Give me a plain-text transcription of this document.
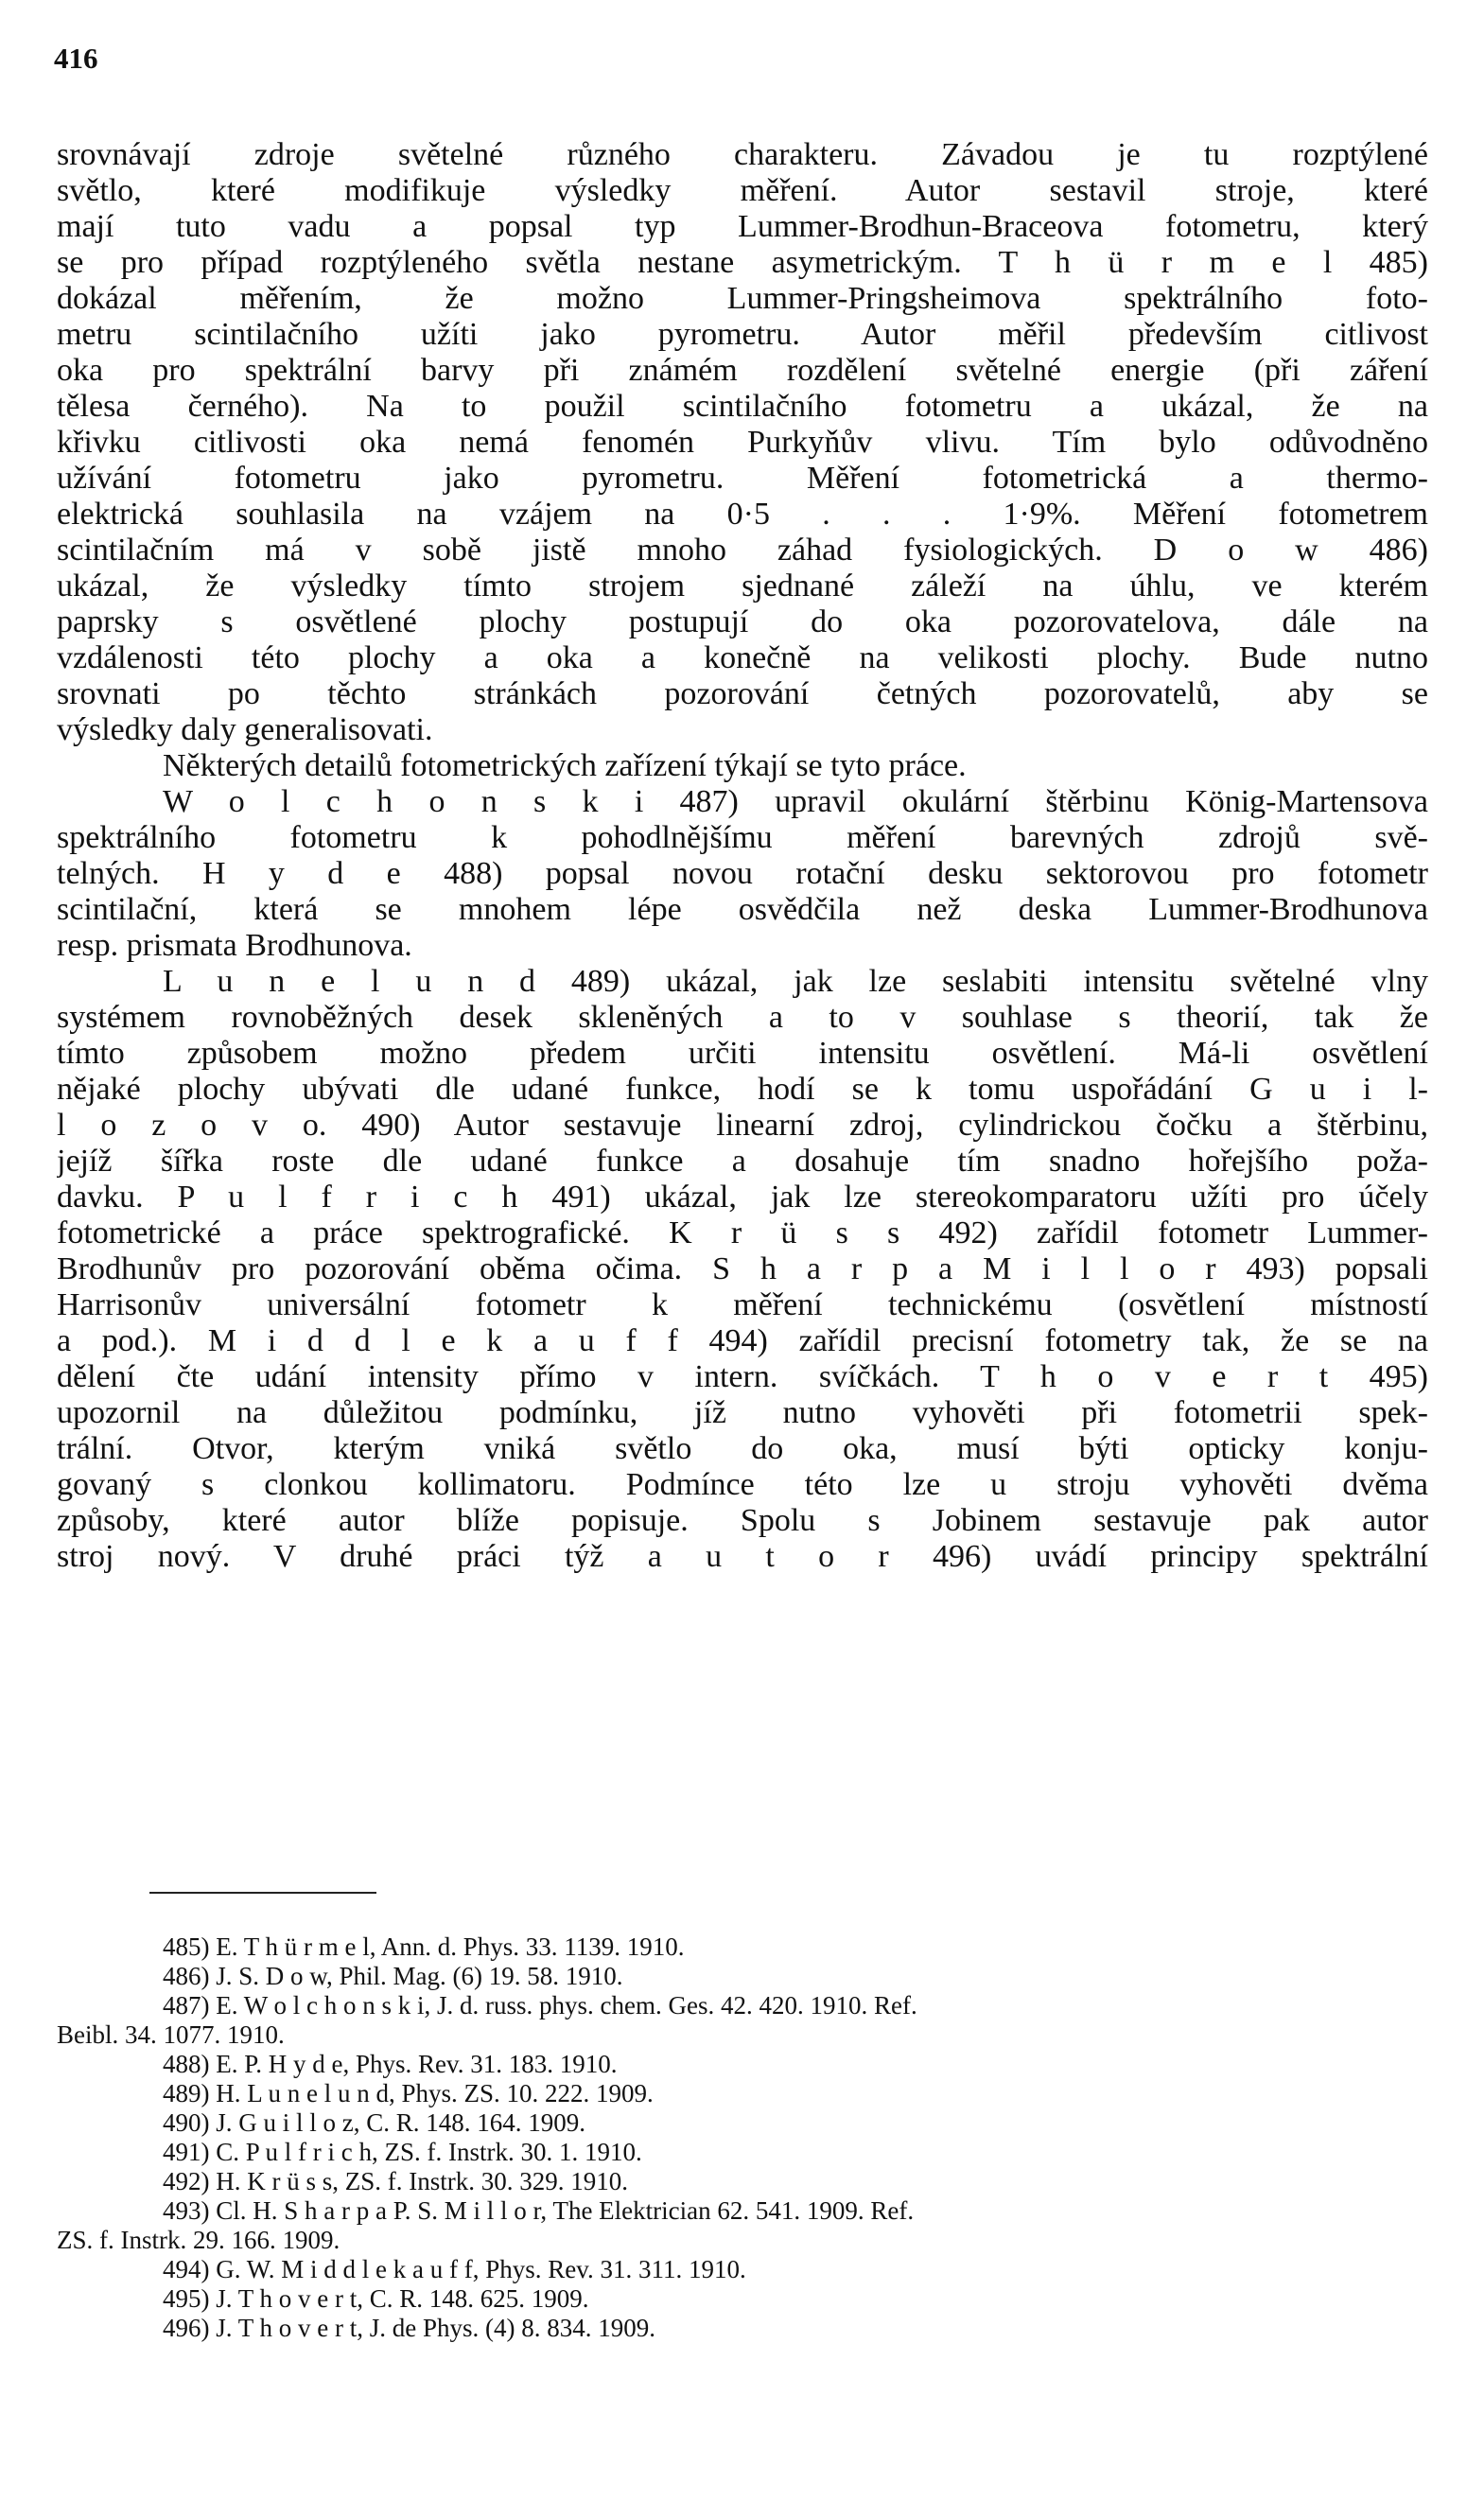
416
srovnávají zdroje světelné různého charakteru. Závadou je tu rozptýlené
světlo, které modifikuje výsledky měření. Autor sestavil stroje, které
mají tuto vadu a popsal typ Lummer-Brodhun-Braceova fotometru, který
se pro případ rozptýleného světla nestane asymetrickým. T h ü r m e l 485)
dokázal měřením, že možno Lummer-Pringsheimova spektrálního foto-
metru scintilačního užíti jako pyrometru. Autor měřil především citlivost
oka pro spektrální barvy při známém rozdělení světelné energie (při záření
tělesa černého). Na to použil scintilačního fotometru a ukázal, že na
křivku citlivosti oka nemá fenomén Purkyňův vlivu. Tím bylo odůvodněno
užívání fotometru jako pyrometru. Měření fotometrická a thermo-
elektrická souhlasila na vzájem na 0·5 . . . 1·9%. Měření fotometrem
scintilačním má v sobě jistě mnoho záhad fysiologických. D o w 486)
ukázal, že výsledky tímto strojem sjednané záleží na úhlu, ve kterém
paprsky s osvětlené plochy postupují do oka pozorovatelova, dále na
vzdálenosti této plochy a oka a konečně na velikosti plochy. Bude nutno
srovnati po těchto stránkách pozorování četných pozorovatelů, aby se
výsledky daly generalisovati.
Některých detailů fotometrických zařízení týkají se tyto práce.
W o l c h o n s k i 487) upravil okulární štěrbinu König-Martensova
spektrálního fotometru k pohodlnějšímu měření barevných zdrojů svě-
telných. H y d e 488) popsal novou rotační desku sektorovou pro fotometr
scintilační, která se mnohem lépe osvědčila než deska Lummer-Brodhunova
resp. prismata Brodhunova.
L u n e l u n d 489) ukázal, jak lze seslabiti intensitu světelné vlny
systémem rovnoběžných desek skleněných a to v souhlase s theorií, tak že
tímto způsobem možno předem určiti intensitu osvětlení. Má-li osvětlení
nějaké plochy ubývati dle udané funkce, hodí se k tomu uspořádání G u i l-
l o z o v o. 490) Autor sestavuje linearní zdroj, cylindrickou čočku a štěrbinu,
jejíž šířka roste dle udané funkce a dosahuje tím snadno hořejšího poža-
davku. P u l f r i c h 491) ukázal, jak lze stereokomparatoru užíti pro účely
fotometrické a práce spektrografické. K r ü s s 492) zařídil fotometr Lummer-
Brodhunův pro pozorování oběma očima. S h a r p a M i l l o r 493) popsali
Harrisonův universální fotometr k měření technickému (osvětlení místností
a pod.). M i d d l e k a u f f 494) zařídil precisní fotometry tak, že se na
dělení čte udání intensity přímo v intern. svíčkách. T h o v e r t 495)
upozornil na důležitou podmínku, jíž nutno vyhověti při fotometrii spek-
trální. Otvor, kterým vniká světlo do oka, musí býti opticky konju-
govaný s clonkou kollimatoru. Podmínce této lze u stroju vyhověti dvěma
způsoby, které autor blíže popisuje. Spolu s Jobinem sestavuje pak autor
stroj nový. V druhé práci týž a u t o r 496) uvádí principy spektrální
485) E. T h ü r m e l, Ann. d. Phys. 33. 1139. 1910.
486) J. S. D o w, Phil. Mag. (6) 19. 58. 1910.
487) E. W o l c h o n s k i, J. d. russ. phys. chem. Ges. 42. 420. 1910. Ref.
Beibl. 34. 1077. 1910.
488) E. P. H y d e, Phys. Rev. 31. 183. 1910.
489) H. L u n e l u n d, Phys. ZS. 10. 222. 1909.
490) J. G u i l l o z, C. R. 148. 164. 1909.
491) C. P u l f r i c h, ZS. f. Instrk. 30. 1. 1910.
492) H. K r ü s s, ZS. f. Instrk. 30. 329. 1910.
493) Cl. H. S h a r p a P. S. M i l l o r, The Elektrician 62. 541. 1909. Ref.
ZS. f. Instrk. 29. 166. 1909.
494) G. W. M i d d l e k a u f f, Phys. Rev. 31. 311. 1910.
495) J. T h o v e r t, C. R. 148. 625. 1909.
496) J. T h o v e r t, J. de Phys. (4) 8. 834. 1909.
